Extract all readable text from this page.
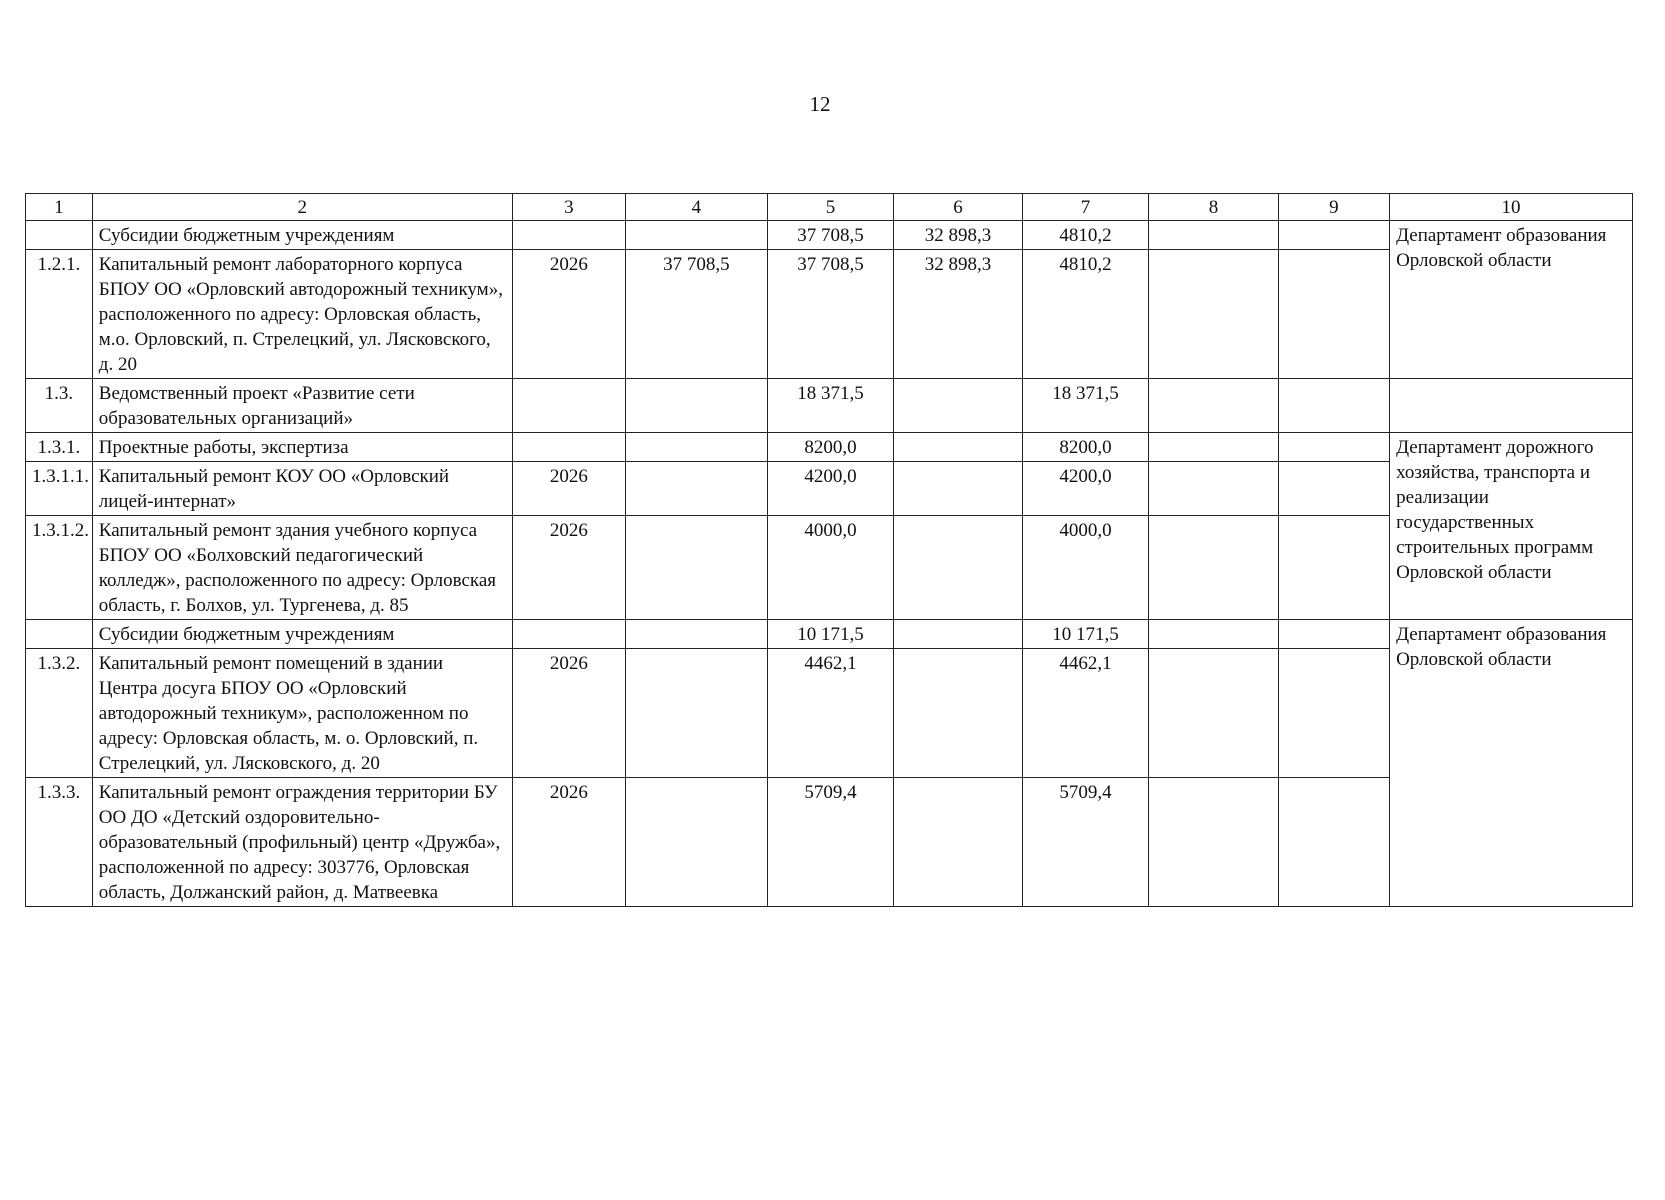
12
1	2	3	4	5	6	7	8	9	10
	Субсидии бюджетным учреждениям			37 708,5	32 898,3	4810,2			Департамент образования Орловской области
1.2.1.	Капитальный ремонт лабораторного корпуса БПОУ ОО «Орловский автодорожный техникум», расположенного по адресу: Орловская область, м.о. Орловский, п. Стрелецкий, ул. Лясковского, д. 20	2026	37 708,5	37 708,5	32 898,3	4810,2			
1.3.	Ведомственный проект «Развитие сети образовательных организаций»			18 371,5		18 371,5			
1.3.1.	Проектные работы, экспертиза			8200,0		8200,0			Департамент дорожного хозяйства, транспорта и реализации государственных строительных программ Орловской области
1.3.1.1.	Капитальный ремонт КОУ ОО «Орловский лицей-интернат»	2026		4200,0		4200,0			
1.3.1.2.	Капитальный ремонт здания учебного корпуса БПОУ ОО «Болховский педагогический колледж», расположенного по адресу: Орловская область, г. Болхов, ул. Тургенева, д. 85	2026		4000,0		4000,0			
	Субсидии бюджетным учреждениям			10 171,5		10 171,5			Департамент образования Орловской области
1.3.2.	Капитальный ремонт помещений в здании Центра досуга БПОУ ОО «Орловский автодорожный техникум», расположенном по адресу: Орловская область, м. о. Орловский, п. Стрелецкий, ул. Лясковского, д. 20	2026		4462,1		4462,1			
1.3.3.	Капитальный ремонт ограждения территории БУ ОО ДО «Детский оздоровительно-образовательный (профильный) центр «Дружба», расположенной по адресу: 303776, Орловская область, Должанский район, д. Матвеевка	2026		5709,4		5709,4			
